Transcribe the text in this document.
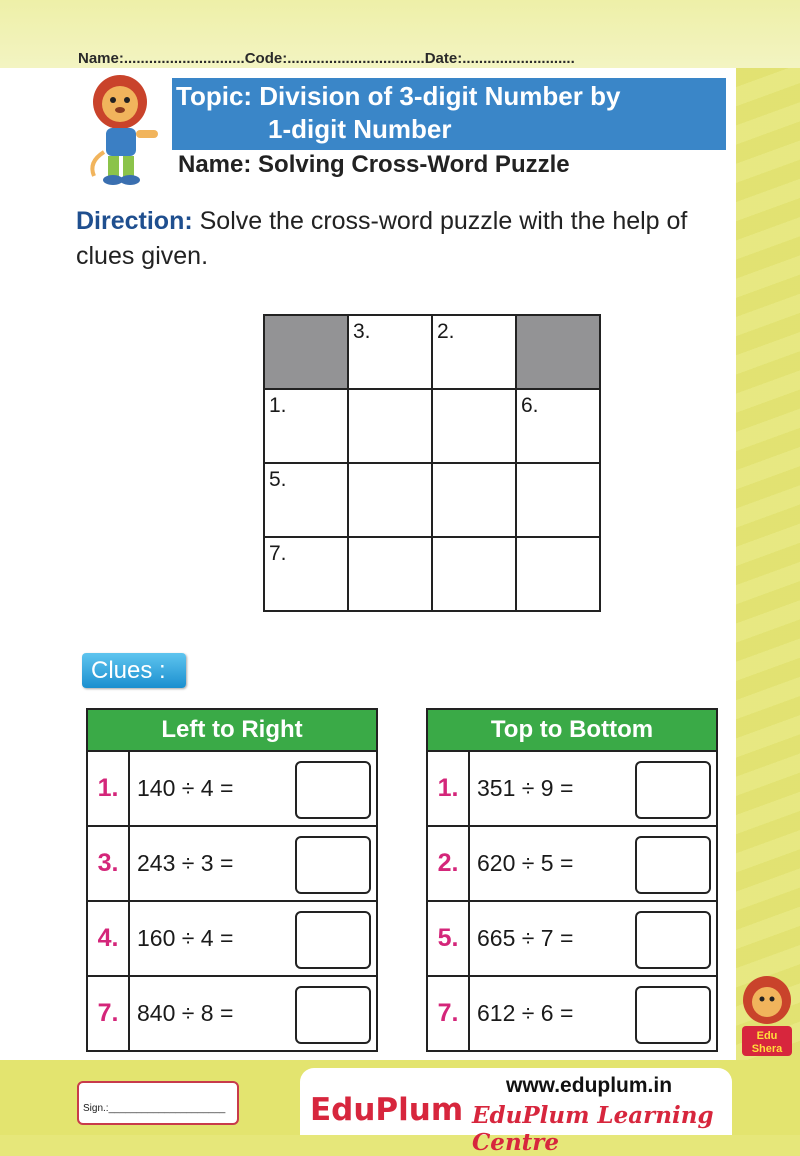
Name:.............................Code:.................................Date:...........................
Topic: Division of 3-digit Number by
1-digit Number
Name: Solving Cross-Word Puzzle
Direction: Solve the cross-word puzzle with the help of clues given.

	3.	2.	

1.			6.

5.			

7.			

Clues :
Left to Right	
1.	140 ÷ 4 =

3.	243 ÷ 3 =

4.	160 ÷ 4 =

7.	840 ÷ 8 =
Top to Bottom	
1.	351 ÷ 9 =

2.	620 ÷ 5 =

5.	665 ÷ 7 =

7.	612 ÷ 6 =
Sign.:_____________________	EduPlum
www.eduplum.in
EduPlum Learning Centre
Edu
Shera
